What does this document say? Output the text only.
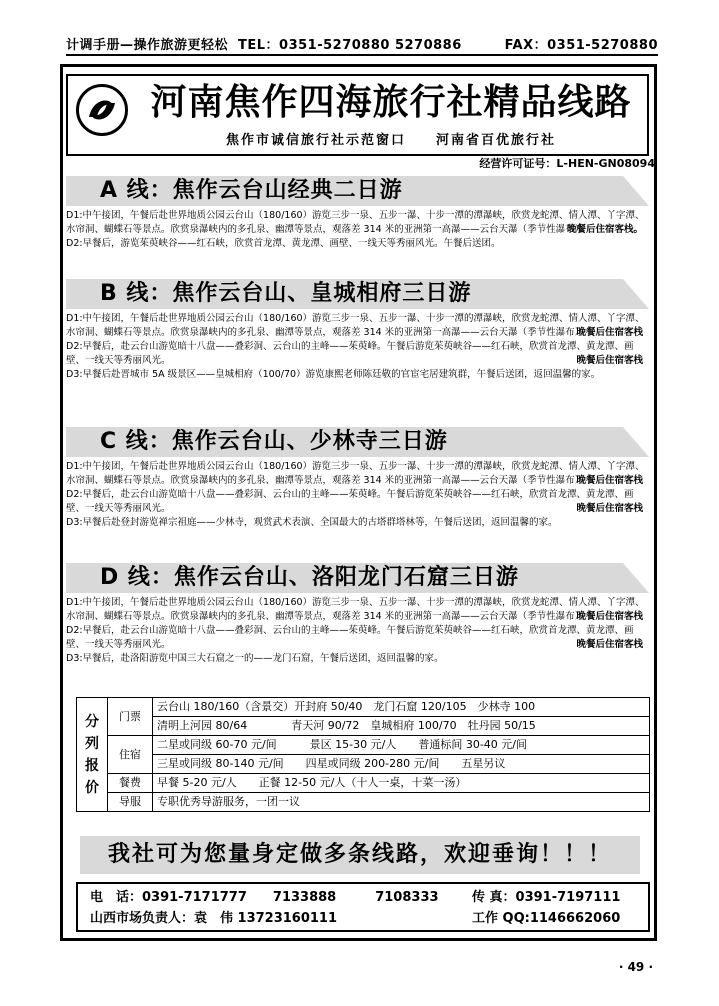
计调手册—操作旅游更轻松 TEL：0351-5270880 5270886	FAX：0351-5270880
河南焦作四海旅行社精品线路
焦作市诚信旅行社示范窗口　　河南省百优旅行社
经营许可证号：L-HEN-GN08094
A 线：焦作云台山经典二日游
D1:中午接团，午餐后赴世界地质公园云台山（180/160）游览三步一泉、五步一瀑、十步一潭的潭瀑峡，欣赏龙蛇潭、情人潭、丫字潭、水帘洞、蝴蝶石等景点。欣赏泉瀑峡内的多孔泉、幽潭等景点，观落差 314 米的亚洲第一高瀑——云台天瀑（季节性瀑布）。
晚餐后住宿客栈。
D2:早餐后，游览茱萸峡谷——红石峡，欣赏首龙潭、黄龙潭、画壁、一线天等秀丽风光。午餐后送团。
B 线：焦作云台山、皇城相府三日游
D1:中午接团，午餐后赴世界地质公园云台山（180/160）游览三步一泉、五步一瀑、十步一潭的潭瀑峡，欣赏龙蛇潭、情人潭、丫字潭、水帘洞、蝴蝶石等景点。欣赏泉瀑峡内的多孔泉、幽潭等景点，观落差 314 米的亚洲第一高瀑——云台天瀑（季节性瀑布）。
晚餐后住宿客栈
D2:早餐后，赴云台山游览暗十八盘——叠彩洞、云台山的主峰——茱萸峰。午餐后游览茱萸峡谷——红石峡，欣赏首龙潭、黄龙潭、画壁、一线天等秀丽风光。	晚餐后住宿客栈
D3:早餐后赴晋城市 5A 级景区——皇城相府（100/70）游览康熙老师陈廷敬的官宦宅居建筑群，午餐后送团，返回温馨的家。
C 线：焦作云台山、少林寺三日游
D1:中午接团，午餐后赴世界地质公园云台山（180/160）游览三步一泉、五步一瀑、十步一潭的潭瀑峡，欣赏龙蛇潭、情人潭、丫字潭、水帘洞、蝴蝶石等景点。欣赏泉瀑峡内的多孔泉、幽潭等景点，观落差 314 米的亚洲第一高瀑——云台天瀑（季节性瀑布）。
晚餐后住宿客栈
D2:早餐后，赴云台山游览暗十八盘——叠彩洞、云台山的主峰——茱萸峰。午餐后游览茱萸峡谷——红石峡，欣赏首龙潭、黄龙潭、画壁、一线天等秀丽风光。	晚餐后住宿客栈
D3:早餐后赴登封游览禅宗祖庭——少林寺，观赏武术表演、全国最大的古塔群塔林等，午餐后送团，返回温馨的家。
D 线：焦作云台山、洛阳龙门石窟三日游
D1:中午接团，午餐后赴世界地质公园云台山（180/160）游览三步一泉、五步一瀑、十步一潭的潭瀑峡，欣赏龙蛇潭、情人潭、丫字潭、水帘洞、蝴蝶石等景点。欣赏泉瀑峡内的多孔泉、幽潭等景点，观落差 314 米的亚洲第一高瀑——云台天瀑（季节性瀑布）。
晚餐后住宿客栈
D2:早餐后，赴云台山游览暗十八盘——叠彩洞、云台山的主峰——茱萸峰。午餐后游览茱萸峡谷——红石峡，欣赏首龙潭、黄龙潭、画壁、一线天等秀丽风光。	晚餐后住宿客栈
D3:早餐后，赴洛阳游览中国三大石窟之一的——龙门石窟，午餐后送团，返回温馨的家。
分列报价	门票	云台山 180/160（含景交）开封府 50/40　龙门石窟 120/105　少林寺 100
		清明上河园 80/64　　　　青天河 90/72　皇城相府 100/70　牡丹园 50/15
	住宿	二星或同级 60-70 元/间　　　景区 15-30 元/人　　普通标间 30-40 元/间
		三星或同级 80-140 元/间　　四星或同级 200-280 元/间　　五星另议
	餐费	早餐 5-20 元/人　　正餐 12-50 元/人（十人一桌，十菜一汤）
	导服	专职优秀导游服务，一团一议
我社可为您量身定做多条线路，欢迎垂询！！！
电　话：0391-7171777　　7133888　　　7108333	传 真：0391-7197111
山西市场负责人：袁　伟 13723160111	工作 QQ:1146662060
· 49 ·
